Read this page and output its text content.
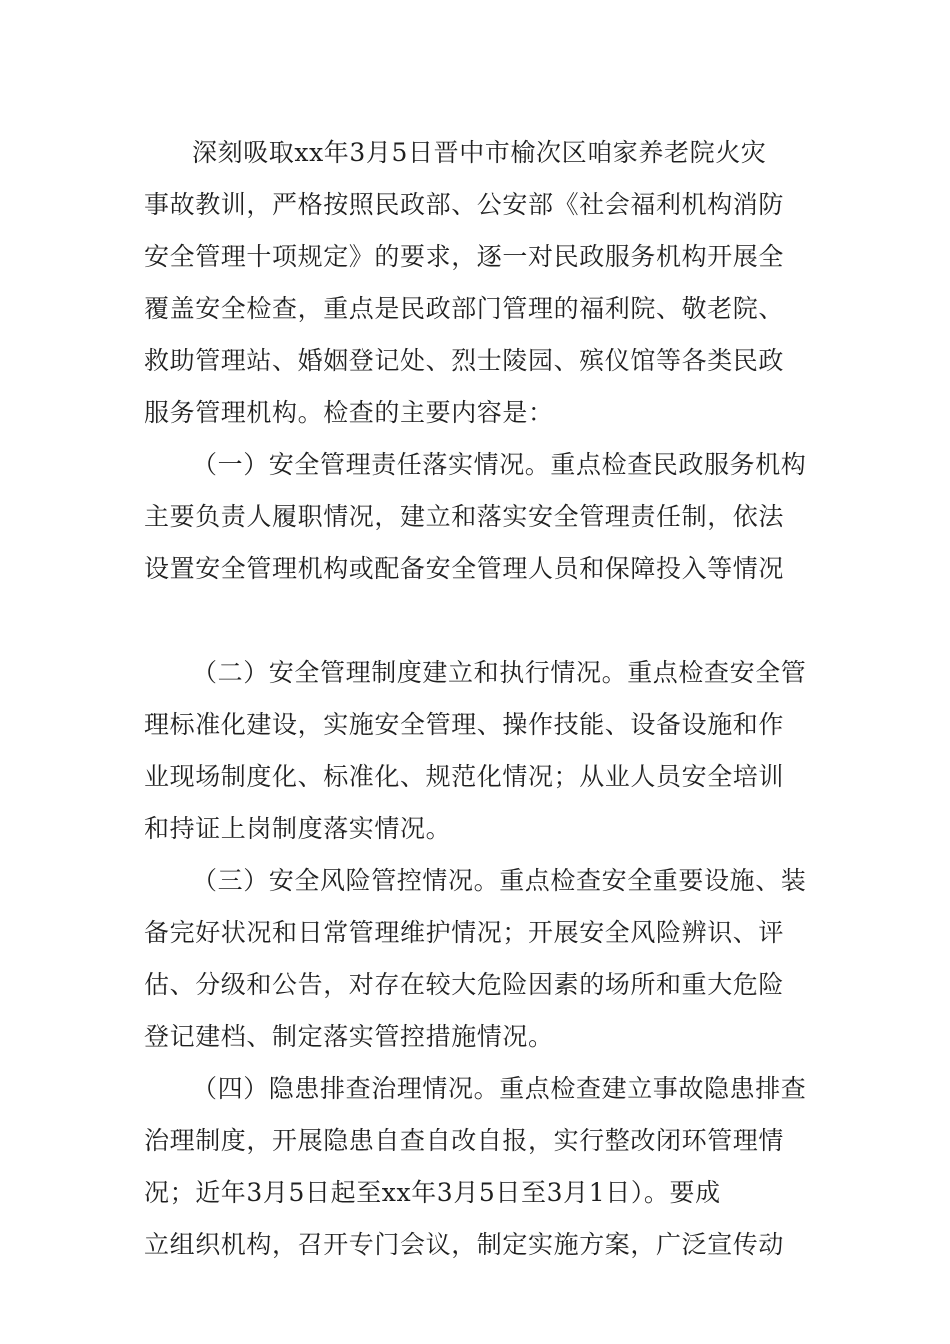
深刻吸取xx年3月5日晋中市榆次区咱家养老院火灾
事故教训，严格按照民政部、公安部《社会福利机构消防
安全管理十项规定》的要求，逐一对民政服务机构开展全
覆盖安全检查，重点是民政部门管理的福利院、敬老院、
救助管理站、婚姻登记处、烈士陵园、殡仪馆等各类民政
服务管理机构。检查的主要内容是：
（一）安全管理责任落实情况。重点检查民政服务机构
主要负责人履职情况，建立和落实安全管理责任制，依法
设置安全管理机构或配备安全管理人员和保障投入等情况
（二）安全管理制度建立和执行情况。重点检查安全管
理标准化建设，实施安全管理、操作技能、设备设施和作
业现场制度化、标准化、规范化情况；从业人员安全培训
和持证上岗制度落实情况。
（三）安全风险管控情况。重点检查安全重要设施、装
备完好状况和日常管理维护情况；开展安全风险辨识、评
估、分级和公告，对存在较大危险因素的场所和重大危险
登记建档、制定落实管控措施情况。
（四）隐患排查治理情况。重点检查建立事故隐患排查
治理制度，开展隐患自查自改自报，实行整改闭环管理情
况；近年3月5日起至xx年3月5日至3月1日）。要成
立组织机构，召开专门会议，制定实施方案，广泛宣传动
